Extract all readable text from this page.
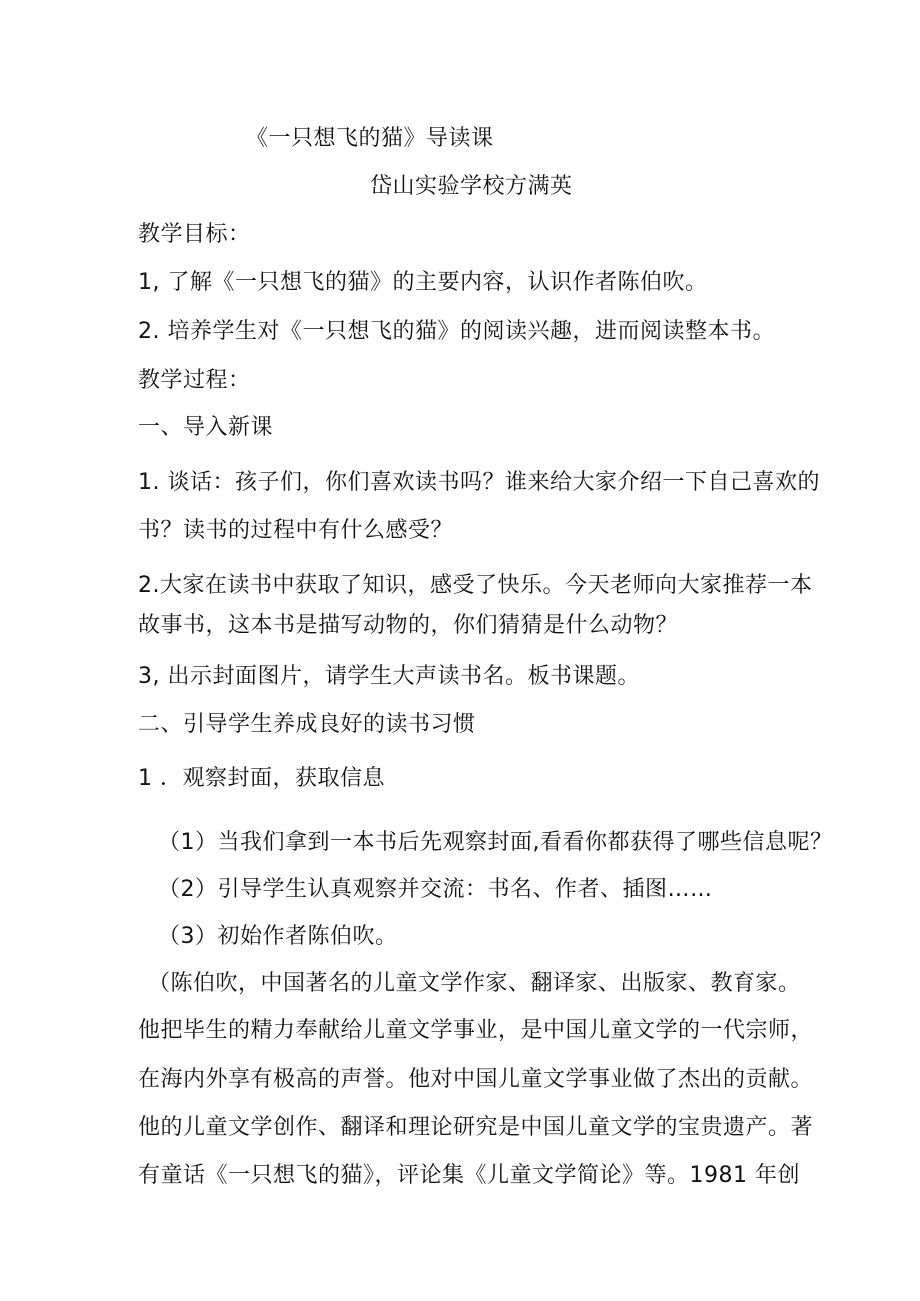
《一只想飞的猫》导读课
岱山实验学校方满英
教学目标：
1, 了解《一只想飞的猫》的主要内容，认识作者陈伯吹。
2. 培养学生对《一只想飞的猫》的阅读兴趣，进而阅读整本书。
教学过程：
一、导入新课
1. 谈话：孩子们，你们喜欢读书吗？谁来给大家介绍一下自己喜欢的
书？读书的过程中有什么感受？
2.大家在读书中获取了知识，感受了快乐。今天老师向大家推荐一本
故事书，这本书是描写动物的，你们猜猜是什么动物？
3, 出示封面图片，请学生大声读书名。板书课题。
二、引导学生养成良好的读书习惯
1 ．观察封面，获取信息
（1）当我们拿到一本书后先观察封面,看看你都获得了哪些信息呢？
（2）引导学生认真观察并交流：书名、作者、插图……
（3）初始作者陈伯吹。
（陈伯吹，中国著名的儿童文学作家、翻译家、出版家、教育家。
他把毕生的精力奉献给儿童文学事业，是中国儿童文学的一代宗师，
在海内外享有极高的声誉。他对中国儿童文学事业做了杰出的贡献。
他的儿童文学创作、翻译和理论研究是中国儿童文学的宝贵遗产。著
有童话《一只想飞的猫》，评论集《儿童文学简论》等。1981 年创
